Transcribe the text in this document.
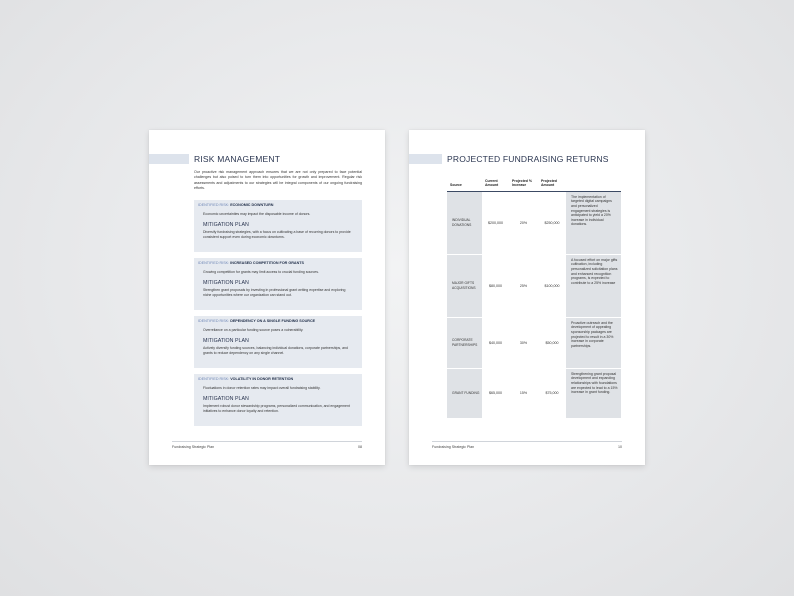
RISK MANAGEMENT
Our proactive risk management approach ensures that we are not only prepared to face potential challenges but also poised to turn them into opportunities for growth and improvement. Regular risk assessments and adjustments to our strategies will be integral components of our ongoing fundraising efforts.
IDENTIFIED RISK: ECONOMIC DOWNTURN
Economic uncertainties may impact the disposable income of donors.
MITIGATION PLAN
Diversify fundraising strategies, with a focus on cultivating a base of recurring donors to provide consistent support even during economic downturns.
IDENTIFIED RISK: INCREASED COMPETITION FOR GRANTS
Growing competition for grants may limit access to crucial funding sources.
MITIGATION PLAN
Strengthen grant proposals by investing in professional grant writing expertise and exploring niche opportunities where our organization can stand out.
IDENTIFIED RISK: DEPENDENCY ON A SINGLE FUNDING SOURCE
Overreliance on a particular funding source poses a vulnerability.
MITIGATION PLAN
Actively diversify funding sources, balancing individual donations, corporate partnerships, and grants to reduce dependency on any single channel.
IDENTIFIED RISK: VOLATILITY IN DONOR RETENTION
Fluctuations in donor retention rates may impact overall fundraising stability.
MITIGATION PLAN
Implement robust donor stewardship programs, personalized communication, and engagement initiatives to enhance donor loyalty and retention.
Fundraising Strategic Plan	08
PROJECTED FUNDRAISING RETURNS
Source	Current Amount	Projected % Increase	Projected Amount	
INDIVIDUAL DONATIONS	$200,000	20%	$250,000	The implementation of targeted digital campaigns and personalized engagement strategies is anticipated to yield a 20% increase in individual donations.
MAJOR GIFTS ACQUISITIONS	$80,000	25%	$100,000	A focused effort on major gifts cultivation, including personalized solicitation plans and enhanced recognition programs, is expected to contribute to a 25% increase
CORPORATE PARTNERSHIPS	$40,000	30%	$50,000	Proactive outreach and the development of appealing sponsorship packages are projected to result in a 30% increase in corporate partnerships.
GRANT FUNDING	$65,000	15%	$75,000	Strengthening grant proposal development and expanding relationships with foundations are expected to lead to a 15% increase in grant funding.
Fundraising Strategic Plan	10
